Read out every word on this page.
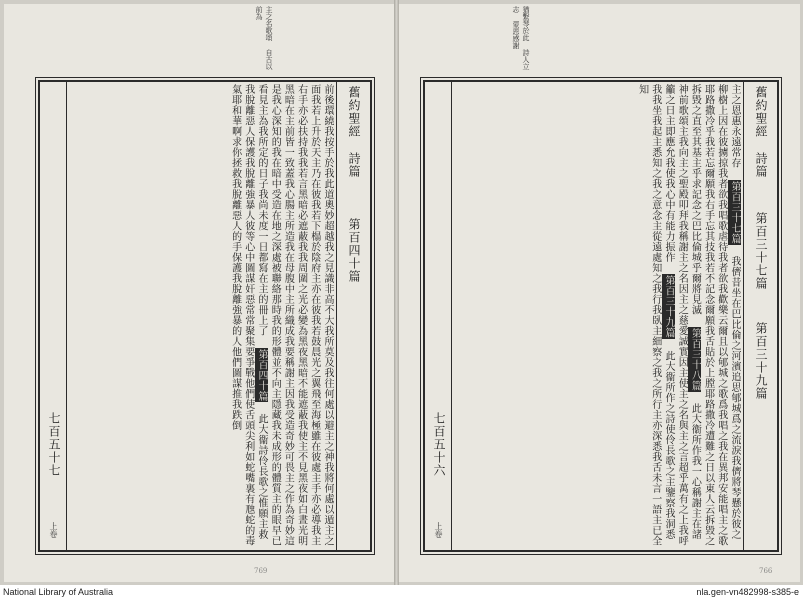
主之名歌頌 自古以前為
舊約聖經
詩篇
第百四十篇
前後環繞我按手於我此道奧妙超越我之見識非高不大我所莫及我往何處以避主之神我將何處以遁主之面我若上升於天主乃在彼我若下榻於陰府主亦在彼我若鼓晨光之翼飛至海極雖在彼處主手亦必導我主右手亦必扶持我我若言黑暗必遮蔽我我周圍之光必變為黑夜黑暗不能遮蔽我使主不見黑夜如白晝光明黑暗在主前皆一致蓋我心腸主所造我在母腹中主所織成我要稱謝主因我受造奇妙可畏主之作為奇妙這是我心深知的我在暗中受造在地之深處被聯絡那時我的形體並不向主隱藏我未成形的體質主的眼早已看見主為我所定的日子我尚未度一日都寫在主的冊上了 第百四十篇 此大衞詩伶長歌之惟願主救我脫離惡人保護我脫離強暴人彼等心中圖謀奸惡常常聚集要爭戰他們使舌頭尖利如蛇嘴裏有虺蛇的毒氣耶和華啊求你拯救我脫離惡人的手保護我脫離強暴的人他們圖謀推我跌倒
七百五十七
上卷
769
猶繫琴於此 詩人立志 蒙恩感謝
舊約聖經
詩篇
第百三十七篇
第百三十九篇
主之恩惠永遠常存 第百三十七篇 我儕昔坐在巴比倫之河濱追思郇城爲之流淚我儕將琴懸於彼之柳樹上因在彼擄掠我者欲我唱歌虐待我者欲我歡樂云爾且以郇城之歌爲我唱之我在異邦安能唱主之歌耶路撒冷乎我若忘爾願我右手忘其技我若不記念爾願我舌貼於上膛耶路撒冷遭難之日以東人云拆毀之拆毀之直至其基主乎求記念之巴比倫城乎爾將見滅 第百三十八篇 此大衞所作我一心稱謝主在諸神前歌頌主我向主之聖殿叩拜我稱謝主之名因主之慈愛誠實因主使主之名與主之言超乎萬有之上我呼籲之日主即應允我使我心中有能力振作 第百三十九篇 此大衞所作之詩使伶長歌之主鑒察我洞悉我我坐我起主悉知之我之意念主從遠處知之我行我臥主細察之我之所行主亦深悉我舌未言一語主已全知
七百五十六
上卷
766
National Library of Australia	nla.gen-vn482998-s385-e
